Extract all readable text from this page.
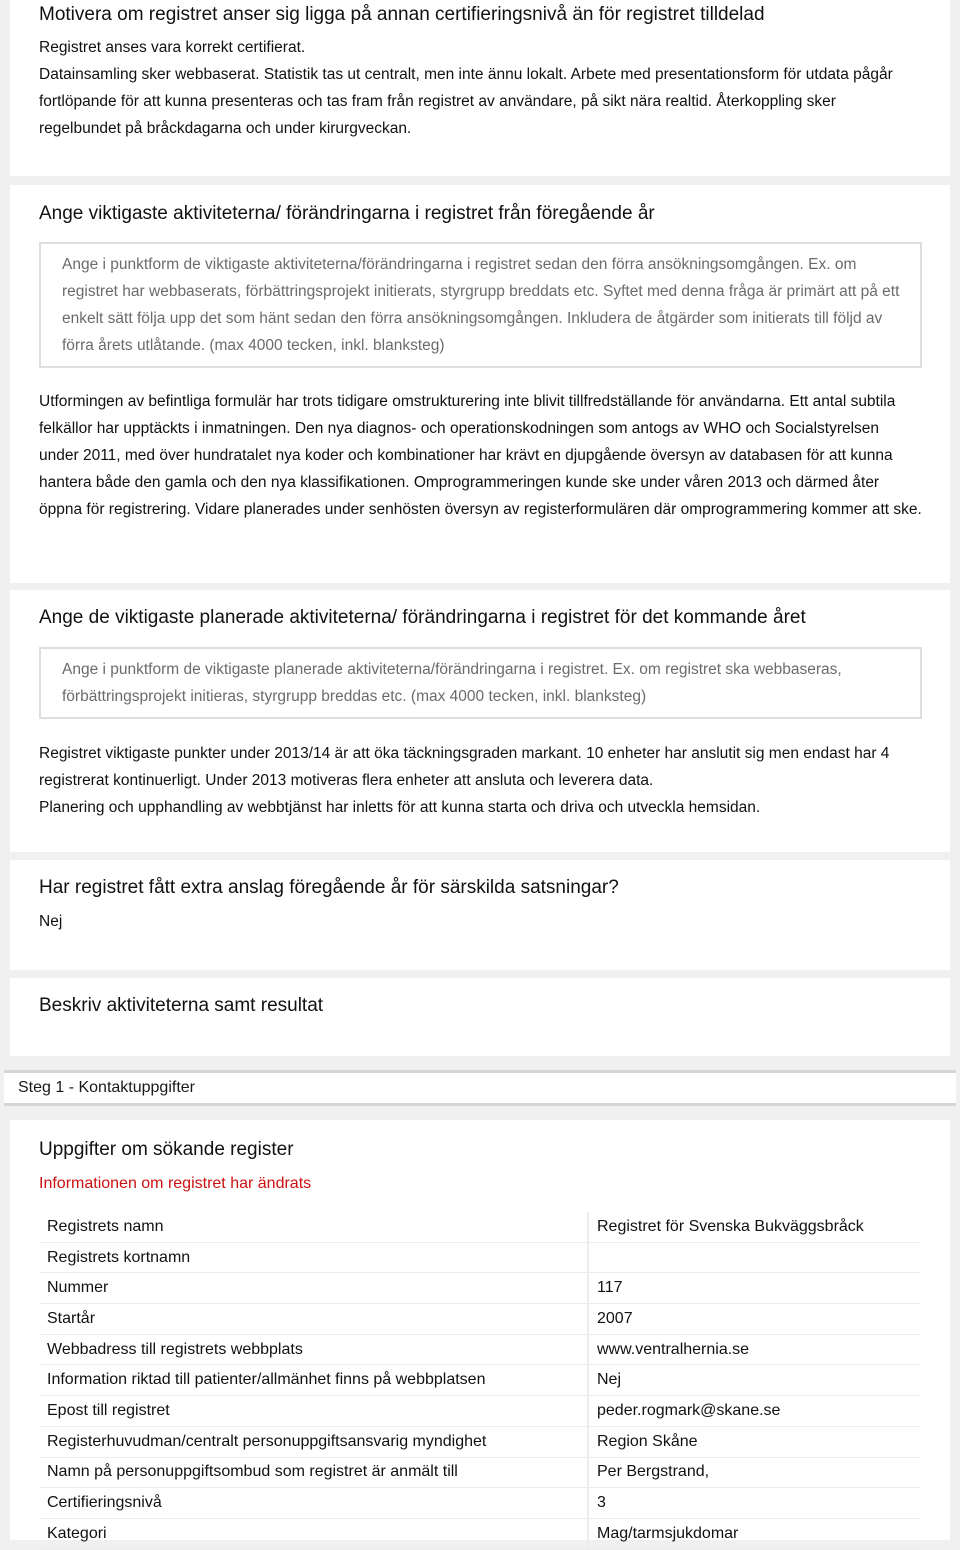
Motivera om registret anser sig ligga på annan certifieringsnivå än för registret tilldelad

Registret anses vara korrekt certifierat.

Datainsamling sker webbaserat. Statistik tas ut centralt, men inte ännu lokalt. Arbete med presentationsform för utdata pågår fortlöpande för att kunna presenteras och tas fram från registret av användare, på sikt nära realtid. Återkoppling sker regelbundet på bråckdagarna och under kirurgveckan.

Ange viktigaste aktiviteterna/ förändringarna i registret från föregående år
Ange i punktform de viktigaste aktiviteterna/förändringarna i registret sedan den förra ansökningsomgången. Ex. om registret har webbaserats, förbättringsprojekt initierats, styrgrupp breddats etc. Syftet med denna fråga är primärt att på ett enkelt sätt följa upp det som hänt sedan den förra ansökningsomgången. Inkludera de åtgärder som initierats till följd av förra årets utlåtande. (max 4000 tecken, inkl. blanksteg)
Utformingen av befintliga formulär har trots tidigare omstrukturering inte blivit tillfredställande för användarna. Ett antal subtila felkällor har upptäckts i inmatningen. Den nya diagnos- och operationskodningen som antogs av WHO och Socialstyrelsen under 2011, med över hundratalet nya koder och kombinationer har krävt en djupgående översyn av databasen för att kunna hantera både den gamla och den nya klassifikationen. Omprogrammeringen kunde ske under våren 2013 och därmed åter öppna för registrering. Vidare planerades under senhösten översyn av registerformulären där omprogrammering kommer att ske.
Ange de viktigaste planerade aktiviteterna/ förändringarna i registret för det kommande året
Ange i punktform de viktigaste planerade aktiviteterna/förändringarna i registret. Ex. om registret ska webbaseras, förbättringsprojekt initieras, styrgrupp breddas etc. (max 4000 tecken, inkl. blanksteg)

Registret viktigaste punkter under 2013/14 är att öka täckningsgraden markant. 10 enheter har anslutit sig men endast har 4 registrerat kontinuerligt. Under 2013 motiveras flera enheter att ansluta och leverera data.

Planering och upphandling av webbtjänst har inletts för att kunna starta och driva och utveckla hemsidan.

Har registret fått extra anslag föregående år för särskilda satsningar?
Nej
Beskriv aktiviteterna samt resultat
Steg 1 - Kontaktuppgifter
Uppgifter om sökande register
Informationen om registret har ändrats
Registrets namn	Registret för Svenska Bukväggsbråck
Registrets kortnamn	
Nummer	117
Startår	2007
Webbadress till registrets webbplats	www.ventralhernia.se
Information riktad till patienter/allmänhet finns på webbplatsen	Nej
Epost till registret	peder.rogmark@skane.se
Registerhuvudman/centralt personuppgiftsansvarig myndighet	Region Skåne
Namn på personuppgiftsombud som registret är anmält till	Per Bergstrand,
Certifieringsnivå	3
Kategori	Mag/tarmsjukdomar
